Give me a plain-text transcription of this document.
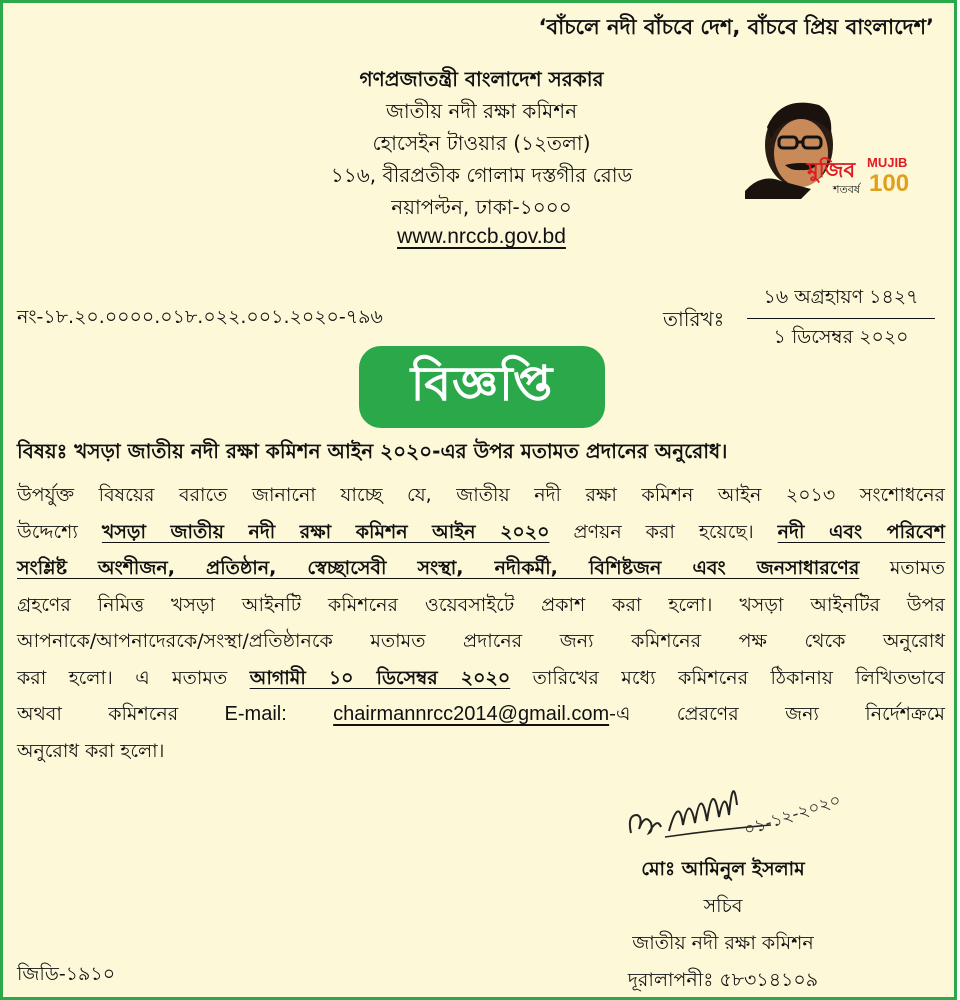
‘বাঁচলে নদী বাঁচবে দেশ, বাঁচবে প্রিয় বাংলাদেশ’
গণপ্রজাতন্ত্রী বাংলাদেশ সরকার
জাতীয় নদী রক্ষা কমিশন
হোসেইন টাওয়ার (১২তলা)
১১৬, বীরপ্রতীক গোলাম দস্তগীর রোড
নয়াপল্টন, ঢাকা-১০০০
www.nrccb.gov.bd
মুজিব MUJIB
শতবর্ষ 100
নং-১৮.২০.০০০০.০১৮.০২২.০০১.২০২০-৭৯৬	তারিখঃ
১৬ অগ্রহায়ণ ১৪২৭
১ ডিসেম্বর ২০২০
বিজ্ঞপ্তি
বিষয়ঃ খসড়া জাতীয় নদী রক্ষা কমিশন আইন ২০২০-এর উপর মতামত প্রদানের অনুরোধ।
উপর্যুক্ত বিষয়ের বরাতে জানানো যাচ্ছে যে, জাতীয় নদী রক্ষা কমিশন আইন ২০১৩ সংশোধনের
উদ্দেশ্যে খসড়া জাতীয় নদী রক্ষা কমিশন আইন ২০২০ প্রণয়ন করা হয়েছে। নদী এবং পরিবেশ
সংশ্লিষ্ট অংশীজন, প্রতিষ্ঠান, স্বেচ্ছাসেবী সংস্থা, নদীকর্মী, বিশিষ্টজন এবং জনসাধারণের মতামত
গ্রহণের নিমিত্ত খসড়া আইনটি কমিশনের ওয়েবসাইটে প্রকাশ করা হলো। খসড়া আইনটির উপর
আপনাকে/আপনাদেরকে/সংস্থা/প্রতিষ্ঠানকে মতামত প্রদানের জন্য কমিশনের পক্ষ থেকে অনুরোধ
করা হলো। এ মতামত আগামী ১০ ডিসেম্বর ২০২০ তারিখের মধ্যে কমিশনের ঠিকানায় লিখিতভাবে
অথবা কমিশনের E-mail: chairmannrcc2014@gmail.com-এ প্রেরণের জন্য নির্দেশক্রমে
অনুরোধ করা হলো।
০১-১২-২০২০
মোঃ আমিনুল ইসলাম
সচিব
জাতীয় নদী রক্ষা কমিশন
দূরালাপনীঃ ৫৮৩১৪১০৯
জিডি-১৯১০
